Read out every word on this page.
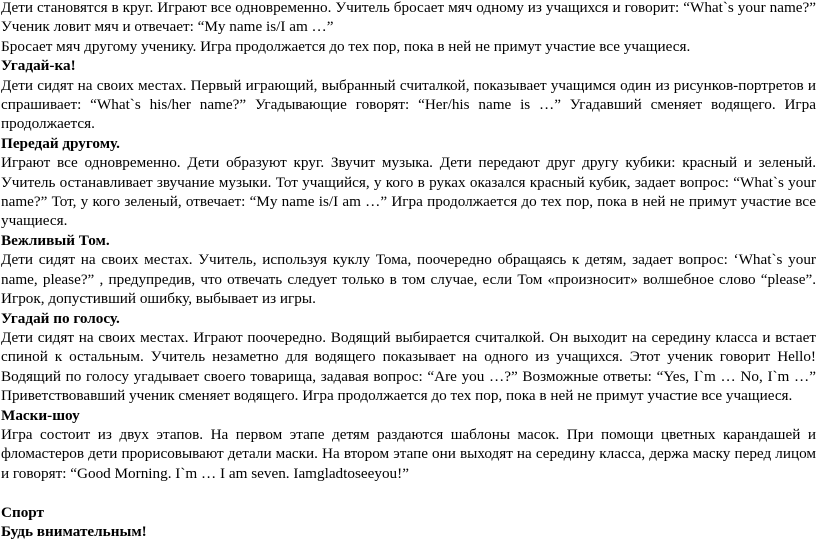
Дети становятся в круг. Играют все одновременно. Учитель бросает мяч одному из учащихся и говорит: “What`s your name?” Ученик ловит мяч и отвечает: “My name is/I am …”

Бросает мяч другому ученику. Игра продолжается до тех пор, пока в ней не примут участие все учащиеся.

Угадай-ка!

Дети сидят на своих местах. Первый играющий, выбранный считалкой, показывает учащимся один из рисунков-портретов и спрашивает: “What`s his/her name?” Угадывающие говорят: “Her/his name is …” Угадавший сменяет водящего. Игра продолжается.

Передай другому.

Играют все одновременно. Дети образуют круг. Звучит музыка. Дети передают друг другу кубики: красный и зеленый. Учитель останавливает звучание музыки. Тот учащийся, у кого в руках оказался красный кубик, задает вопрос: “What`s your name?” Тот, у кого зеленый, отвечает: “My name is/I am …” Игра продолжается до тех пор, пока в ней не примут участие все учащиеся.

Вежливый Том.

Дети сидят на своих местах. Учитель, используя куклу Тома, поочередно обращаясь к детям, задает вопрос: ‘What`s your name, please?” , предупредив, что отвечать следует только в том случае, если Том «произносит» волшебное слово “please”. Игрок, допустивший ошибку, выбывает из игры.

Угадай по голосу.

Дети сидят на своих местах. Играют поочередно. Водящий выбирается считалкой. Он выходит на середину класса и встает спиной к остальным. Учитель незаметно для водящего показывает на одного из учащихся. Этот ученик говорит Hello! Водящий по голосу угадывает своего товарища, задавая вопрос: “Are you …?” Возможные ответы: “Yes, I`m … No, I`m …” Приветствовавший ученик сменяет водящего. Игра продолжается до тех пор, пока в ней не примут участие все учащиеся.

Маски-шоу

Игра состоит из двух этапов. На первом этапе детям раздаются шаблоны масок. При помощи цветных карандашей и фломастеров дети прорисовывают детали маски. На втором этапе они выходят на середину класса, держа маску перед лицом и говорят: “Good Morning. I`m … I am seven. Iamgladtoseeyou!”

Спорт

Будь внимательным!
